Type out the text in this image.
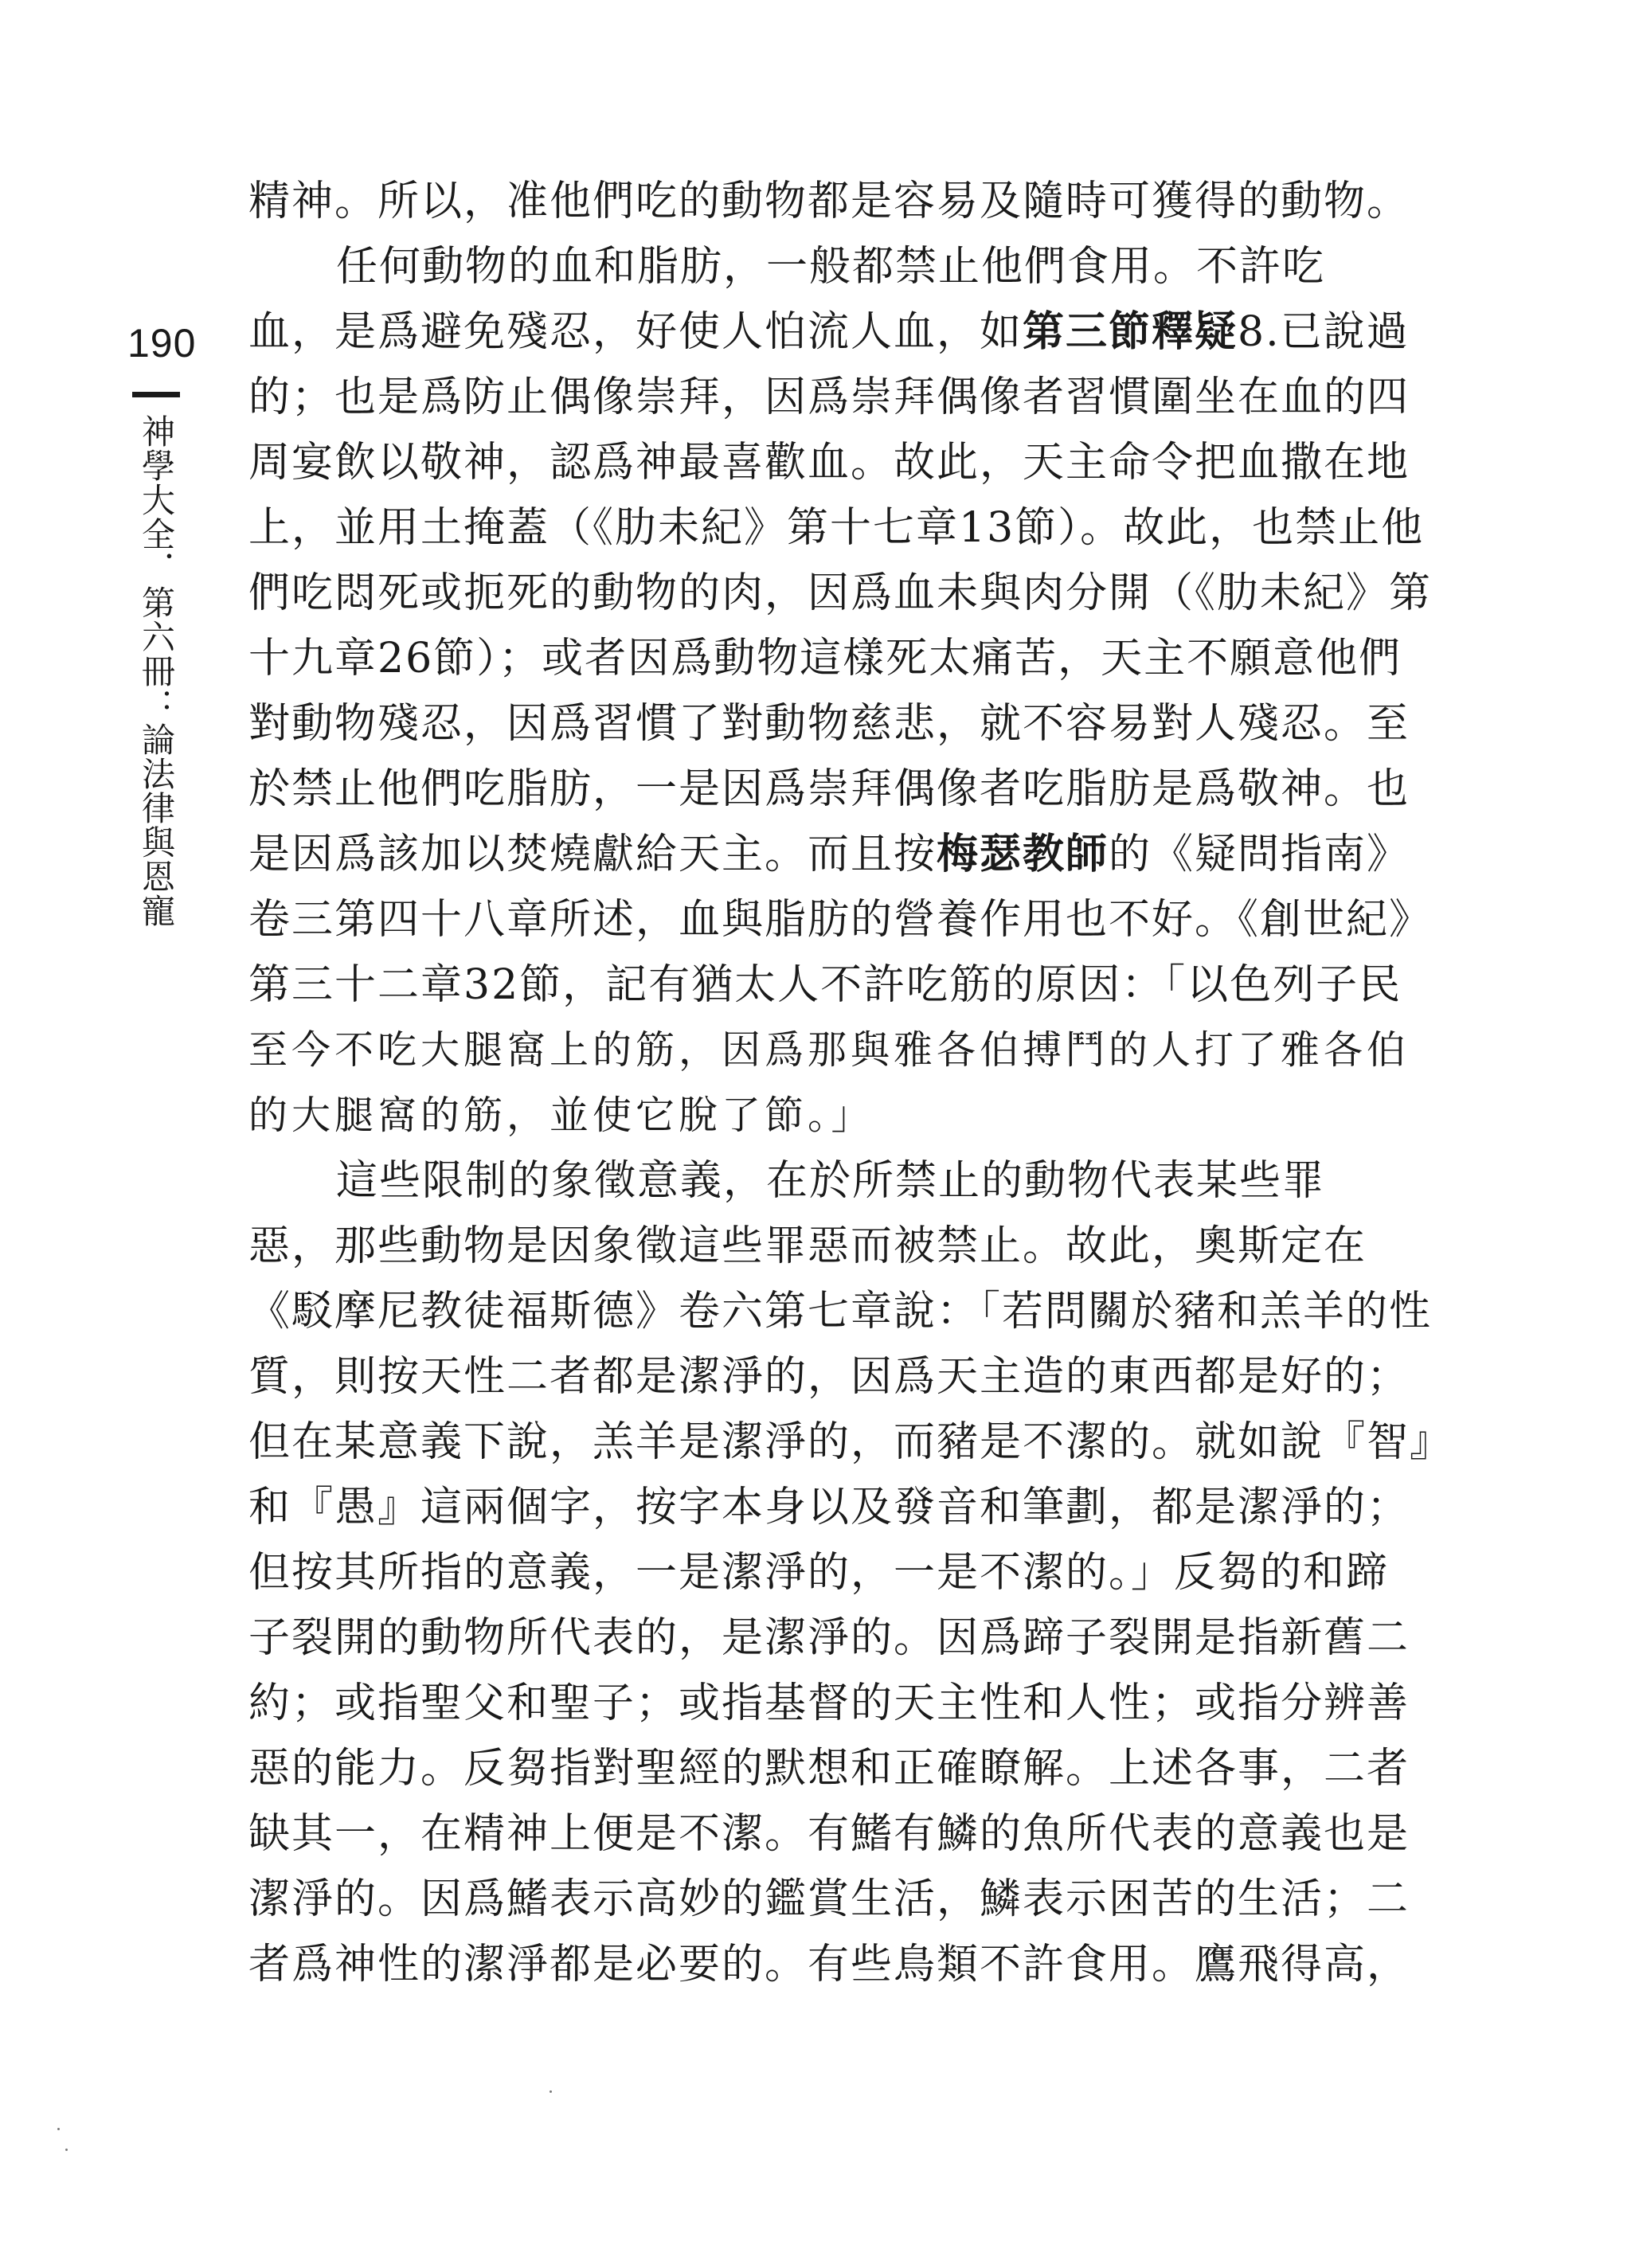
190
神學大全．第六冊：論法律與恩寵
精神。所以，准他們吃的動物都是容易及隨時可獲得的動物。
任何動物的血和脂肪，一般都禁止他們食用。不許吃
血，是爲避免殘忍，好使人怕流人血，如第三節釋疑8.已說過
的；也是爲防止偶像崇拜，因爲崇拜偶像者習慣圍坐在血的四
周宴飲以敬神，認爲神最喜歡血。故此，天主命令把血撒在地
上，並用土掩蓋（《肋未紀》第十七章13節）。故此，也禁止他
們吃悶死或扼死的動物的肉，因爲血未與肉分開（《肋未紀》第
十九章26節）；或者因爲動物這樣死太痛苦，天主不願意他們
對動物殘忍，因爲習慣了對動物慈悲，就不容易對人殘忍。至
於禁止他們吃脂肪，一是因爲崇拜偶像者吃脂肪是爲敬神。也
是因爲該加以焚燒獻給天主。而且按梅瑟教師的《疑問指南》
卷三第四十八章所述，血與脂肪的營養作用也不好。《創世紀》
第三十二章32節，記有猶太人不許吃筋的原因：「以色列子民
至今不吃大腿窩上的筋，因爲那與雅各伯搏鬥的人打了雅各伯
的大腿窩的筋，並使它脫了節。」
這些限制的象徵意義，在於所禁止的動物代表某些罪
惡，那些動物是因象徵這些罪惡而被禁止。故此，奧斯定在
《駁摩尼教徒福斯德》卷六第七章說：「若問關於豬和羔羊的性
質，則按天性二者都是潔淨的，因爲天主造的東西都是好的；
但在某意義下說，羔羊是潔淨的，而豬是不潔的。就如說『智』
和『愚』這兩個字，按字本身以及發音和筆劃，都是潔淨的；
但按其所指的意義，一是潔淨的，一是不潔的。」反芻的和蹄
子裂開的動物所代表的，是潔淨的。因爲蹄子裂開是指新舊二
約；或指聖父和聖子；或指基督的天主性和人性；或指分辨善
惡的能力。反芻指對聖經的默想和正確瞭解。上述各事，二者
缺其一，在精神上便是不潔。有鰭有鱗的魚所代表的意義也是
潔淨的。因爲鰭表示高妙的鑑賞生活，鱗表示困苦的生活；二
者爲神性的潔淨都是必要的。有些鳥類不許食用。鷹飛得高，
